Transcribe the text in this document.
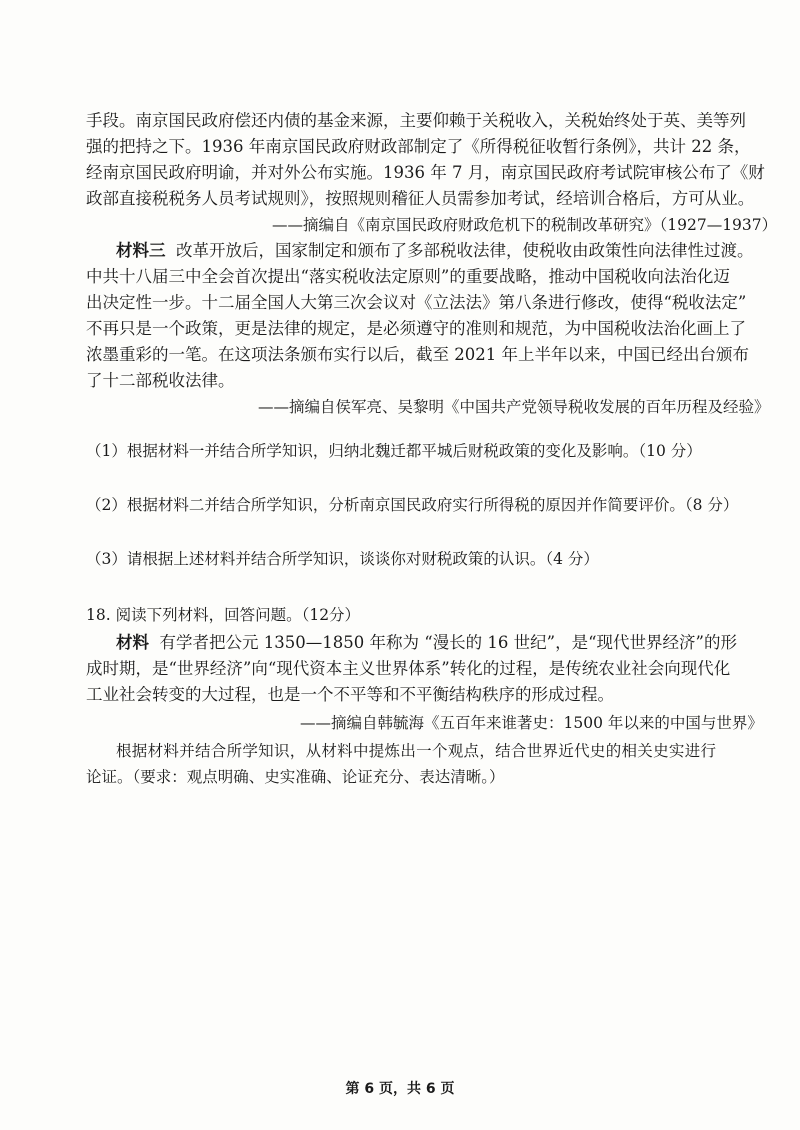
手段。南京国民政府偿还内债的基金来源，主要仰赖于关税收入，关税始终处于英、美等列
强的把持之下。1936 年南京国民政府财政部制定了《所得税征收暂行条例》，共计 22 条，
经南京国民政府明谕，并对外公布实施。1936 年 7 月，南京国民政府考试院审核公布了《财
政部直接税税务人员考试规则》，按照规则稽征人员需参加考试，经培训合格后，方可从业。
——摘编自《南京国民政府财政危机下的税制改革研究》（1927—1937）
材料三 改革开放后，国家制定和颁布了多部税收法律，使税收由政策性向法律性过渡。
中共十八届三中全会首次提出“落实税收法定原则”的重要战略，推动中国税收向法治化迈
出决定性一步。十二届全国人大第三次会议对《立法法》第八条进行修改，使得“税收法定”
不再只是一个政策，更是法律的规定，是必须遵守的准则和规范，为中国税收法治化画上了
浓墨重彩的一笔。在这项法条颁布实行以后，截至 2021 年上半年以来，中国已经出台颁布
了十二部税收法律。
——摘编自侯军亮、吴黎明《中国共产党领导税收发展的百年历程及经验》
（1）根据材料一并结合所学知识，归纳北魏迁都平城后财税政策的变化及影响。（10 分）
（2）根据材料二并结合所学知识，分析南京国民政府实行所得税的原因并作简要评价。（8 分）
（3）请根据上述材料并结合所学知识，谈谈你对财税政策的认识。（4 分）
18. 阅读下列材料，回答问题。（12分）
材料 有学者把公元 1350—1850 年称为 “漫长的 16 世纪”，是“现代世界经济”的形
成时期，是“世界经济”向“现代资本主义世界体系”转化的过程，是传统农业社会向现代化
工业社会转变的大过程，也是一个不平等和不平衡结构秩序的形成过程。
——摘编自韩毓海《五百年来谁著史：1500 年以来的中国与世界》
根据材料并结合所学知识，从材料中提炼出一个观点，结合世界近代史的相关史实进行
论证。（要求：观点明确、史实准确、论证充分、表达清晰。）
第 6 页，共 6 页
